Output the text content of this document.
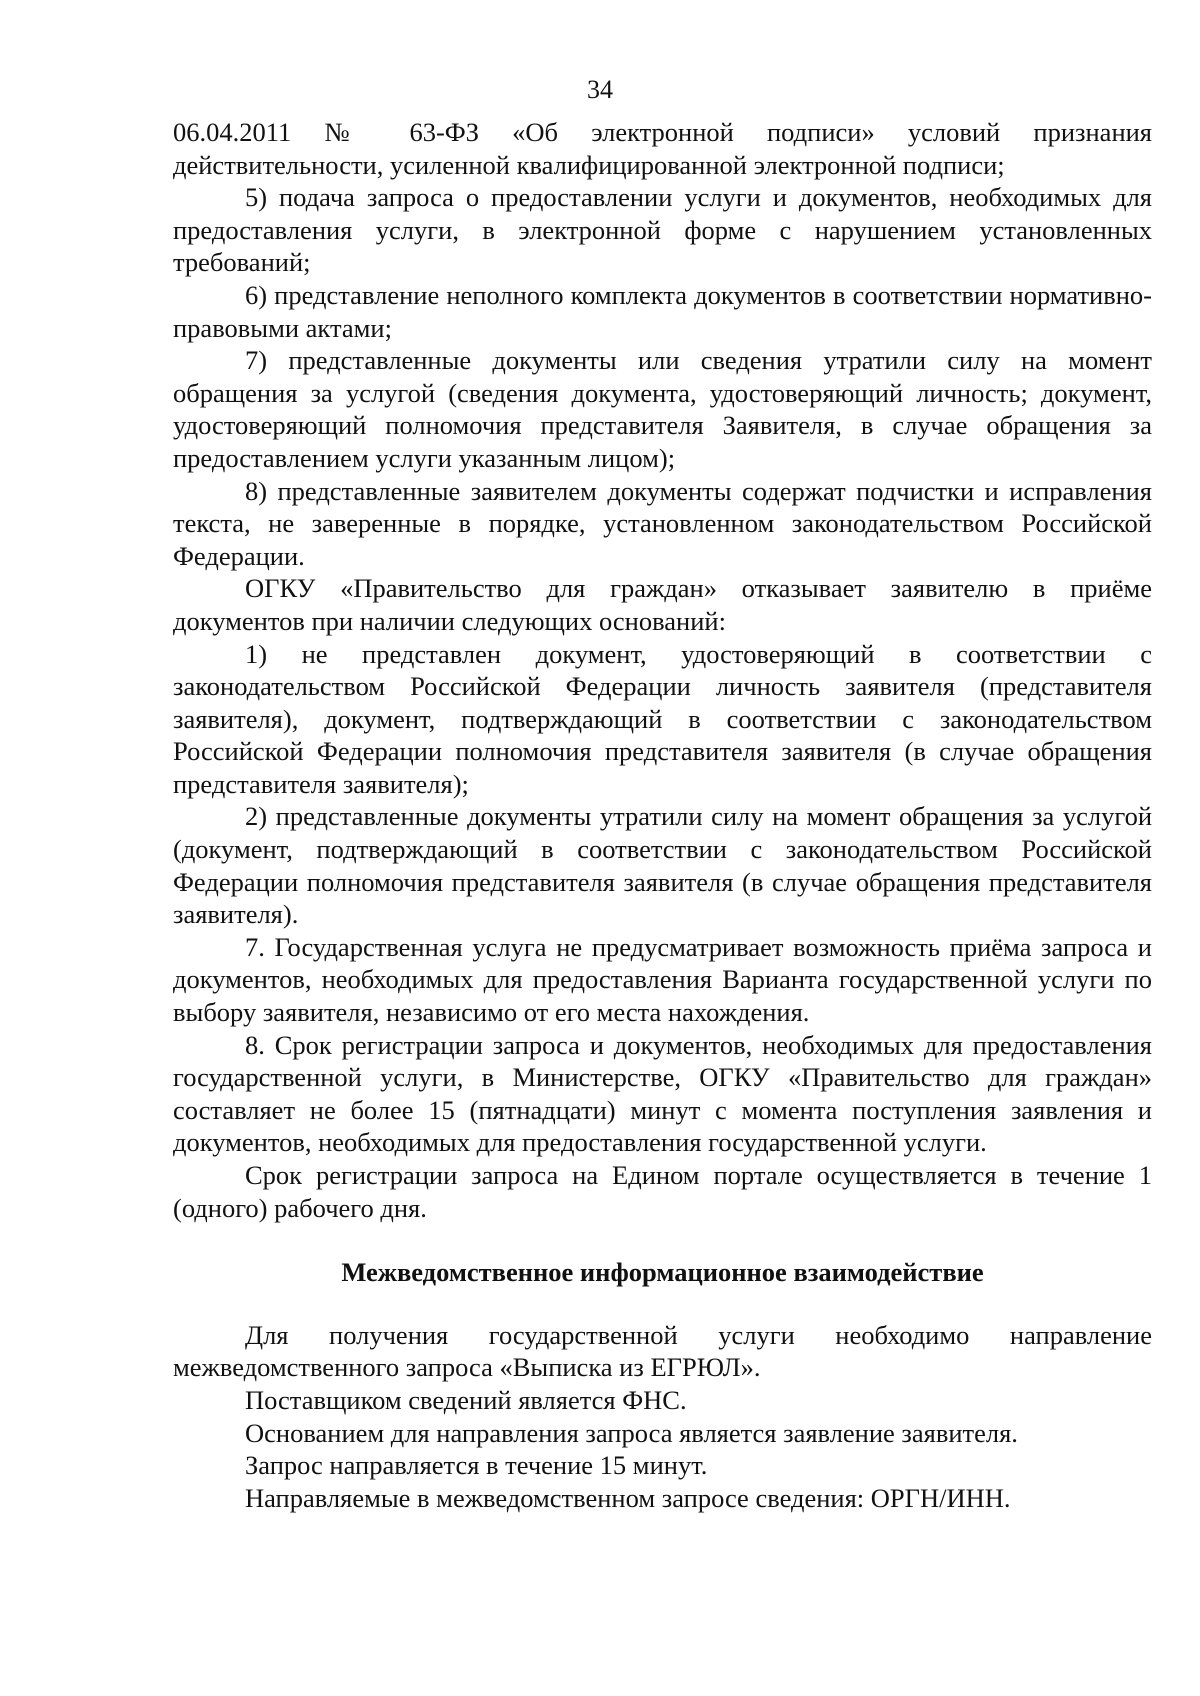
34

06.04.2011 № 63-ФЗ «Об электронной подписи» условий признания действительности, усиленной квалифицированной электронной подписи;

5) подача запроса о предоставлении услуги и документов, необходимых для предоставления услуги, в электронной форме с нарушением установленных требований;

6) представление неполного комплекта документов в соответствии нормативно-правовыми актами;

7) представленные документы или сведения утратили силу на момент обращения за услугой (сведения документа, удостоверяющий личность; документ, удостоверяющий полномочия представителя Заявителя, в случае обращения за предоставлением услуги указанным лицом);

8) представленные заявителем документы содержат подчистки и исправления текста, не заверенные в порядке, установленном законодательством Российской Федерации.

ОГКУ «Правительство для граждан» отказывает заявителю в приёме документов при наличии следующих оснований:

1) не представлен документ, удостоверяющий в соответствии с законодательством Российской Федерации личность заявителя (представителя заявителя), документ, подтверждающий в соответствии с законодательством Российской Федерации полномочия представителя заявителя (в случае обращения представителя заявителя);

2) представленные документы утратили силу на момент обращения за услугой (документ, подтверждающий в соответствии с законодательством Российской Федерации полномочия представителя заявителя (в случае обращения представителя заявителя).

7. Государственная услуга не предусматривает возможность приёма запроса и документов, необходимых для предоставления Варианта государственной услуги по выбору заявителя, независимо от его места нахождения.

8. Срок регистрации запроса и документов, необходимых для предоставления государственной услуги, в Министерстве, ОГКУ «Правительство для граждан» составляет не более 15 (пятнадцати) минут с момента поступления заявления и документов, необходимых для предоставления государственной услуги.

Срок регистрации запроса на Едином портале осуществляется в течение 1 (одного) рабочего дня.

Межведомственное информационное взаимодействие

Для получения государственной услуги необходимо направление межведомственного запроса «Выписка из ЕГРЮЛ».

Поставщиком сведений является ФНС.

Основанием для направления запроса является заявление заявителя.

Запрос направляется в течение 15 минут.

Направляемые в межведомственном запросе сведения: ОРГН/ИНН.
